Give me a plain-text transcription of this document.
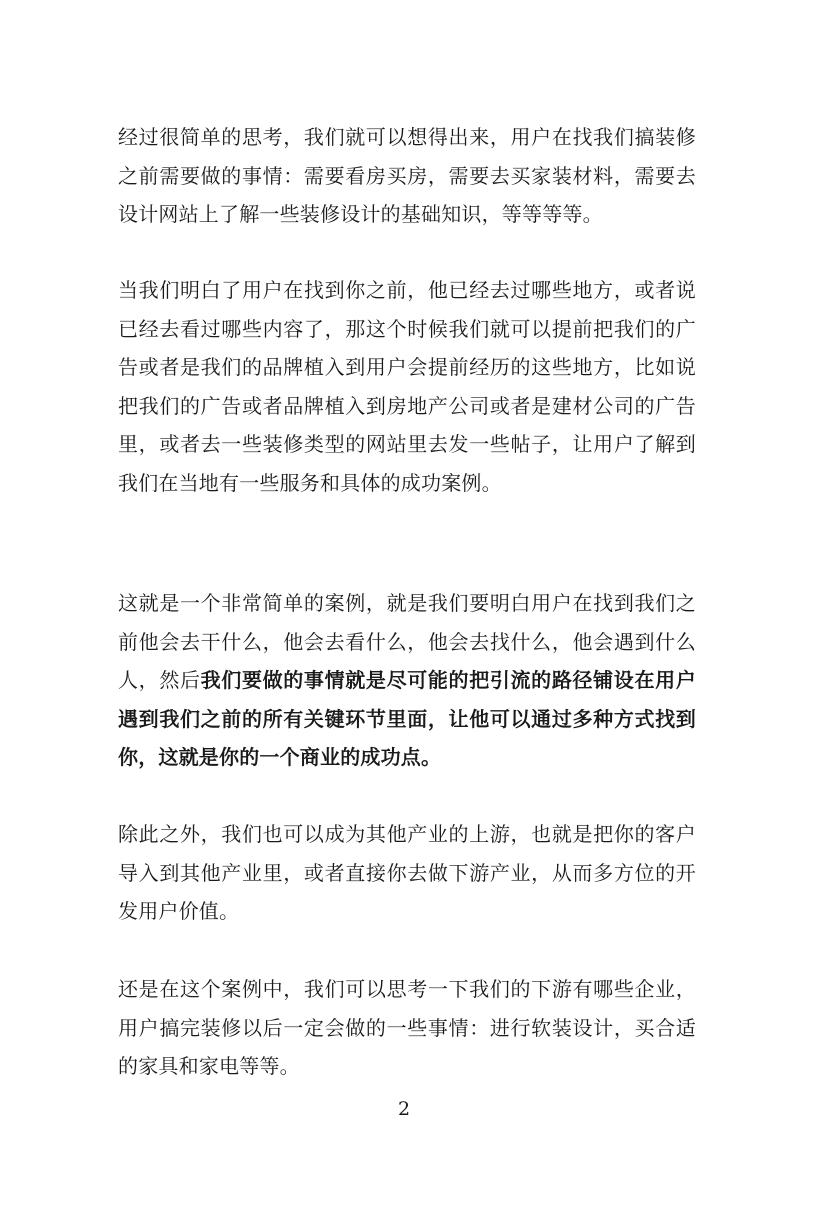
经过很简单的思考，我们就可以想得出来，用户在找我们搞装修之前需要做的事情：需要看房买房，需要去买家装材料，需要去设计网站上了解一些装修设计的基础知识，等等等等。

当我们明白了用户在找到你之前，他已经去过哪些地方，或者说已经去看过哪些内容了，那这个时候我们就可以提前把我们的广告或者是我们的品牌植入到用户会提前经历的这些地方，比如说把我们的广告或者品牌植入到房地产公司或者是建材公司的广告里，或者去一些装修类型的网站里去发一些帖子，让用户了解到我们在当地有一些服务和具体的成功案例。

这就是一个非常简单的案例，就是我们要明白用户在找到我们之前他会去干什么，他会去看什么，他会去找什么，他会遇到什么人，然后我们要做的事情就是尽可能的把引流的路径铺设在用户遇到我们之前的所有关键环节里面，让他可以通过多种方式找到你，这就是你的一个商业的成功点。

除此之外，我们也可以成为其他产业的上游，也就是把你的客户导入到其他产业里，或者直接你去做下游产业，从而多方位的开发用户价值。

还是在这个案例中，我们可以思考一下我们的下游有哪些企业，用户搞完装修以后一定会做的一些事情：进行软装设计，买合适的家具和家电等等。

2
